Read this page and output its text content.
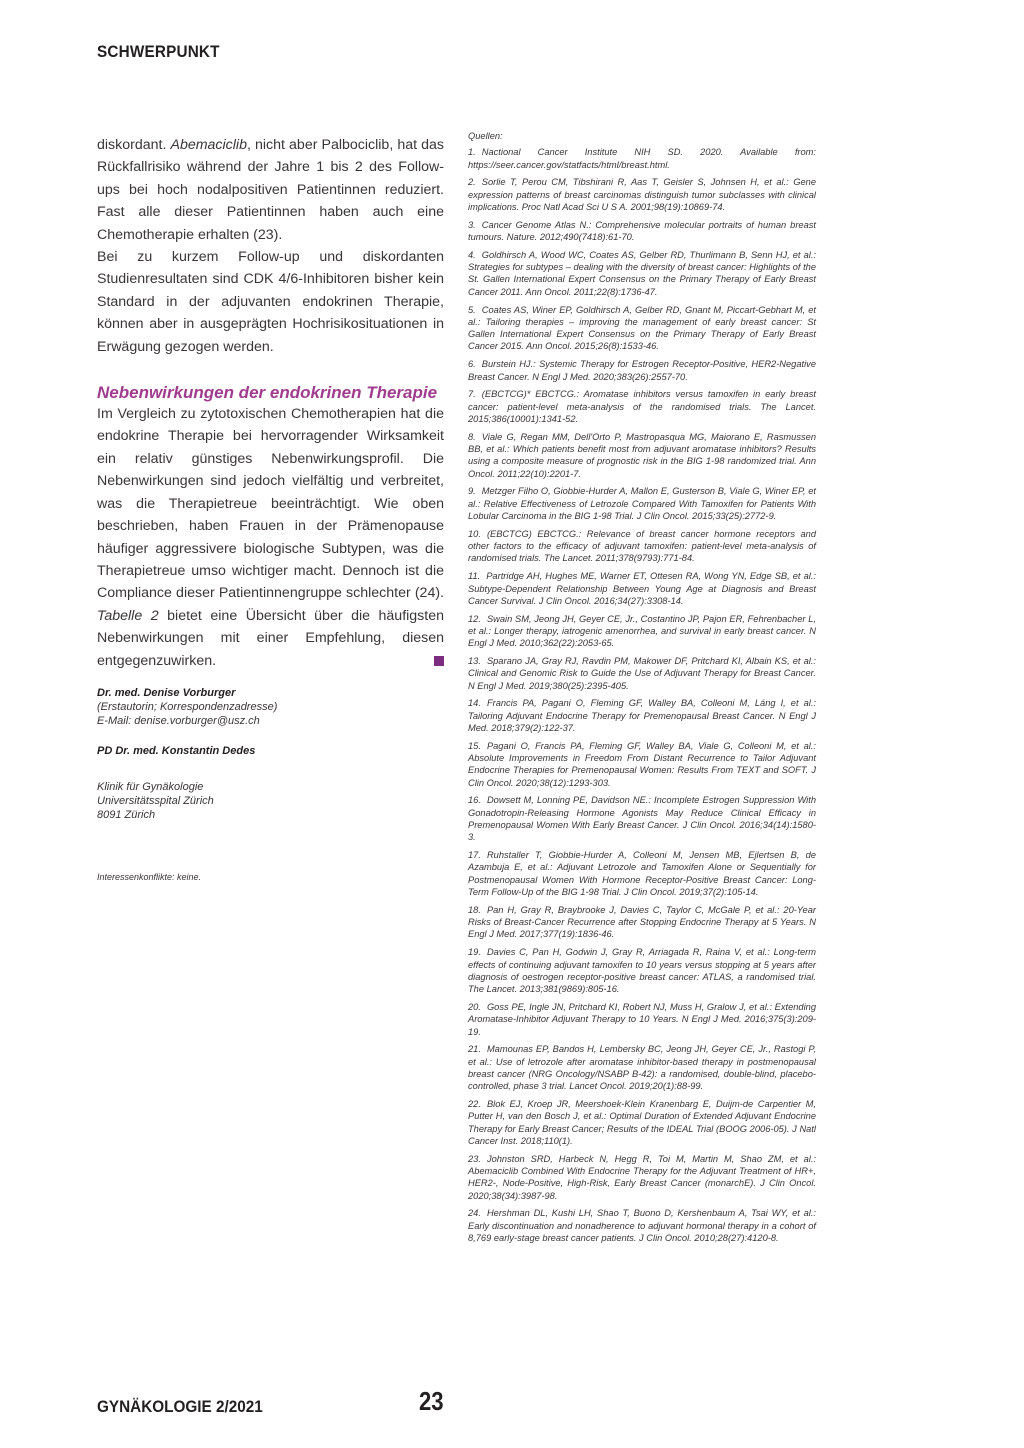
SCHWERPUNKT

diskordant. Abemaciclib, nicht aber Palbociclib, hat das Rückfallrisiko während der Jahre 1 bis 2 des Follow-ups bei hoch nodalpositiven Patientinnen reduziert. Fast alle dieser Patientinnen haben auch eine Chemotherapie erhalten (23).

Bei zu kurzem Follow-up und diskordanten Studienresultaten sind CDK 4/6-Inhibitoren bisher kein Standard in der adjuvanten endokrinen Therapie, können aber in ausgeprägten Hochrisikosituationen in Erwägung gezogen werden.

Nebenwirkungen der endokrinen Therapie

Im Vergleich zu zytotoxischen Chemotherapien hat die endokrine Therapie bei hervorragender Wirksamkeit ein relativ günstiges Nebenwirkungsprofil. Die Nebenwirkungen sind jedoch vielfältig und verbreitet, was die Therapietreue beeinträchtigt. Wie oben beschrieben, haben Frauen in der Prämenopause häufiger aggressivere biologische Subtypen, was die Therapietreue umso wichtiger macht. Dennoch ist die Compliance dieser Patientinnengruppe schlechter (24). Tabelle 2 bietet eine Übersicht über die häufigsten Nebenwirkungen mit einer Empfehlung, diesen entgegenzuwirken.

Dr. med. Denise Vorburger
(Erstautorin; Korrespondenzadresse)
E-Mail: denise.vorburger@usz.ch
PD Dr. med. Konstantin Dedes
Klinik für Gynäkologie
Universitätsspital Zürich
8091 Zürich
Interessenkonflikte: keine.
Quellen:

1. Nactional Cancer Institute NIH SD. 2020. Available from: https://seer.cancer.gov/statfacts/html/breast.html.

2. Sorlie T, Perou CM, Tibshirani R, Aas T, Geisler S, Johnsen H, et al.: Gene expression patterns of breast carcinomas distinguish tumor subclasses with clinical implications. Proc Natl Acad Sci U S A. 2001;98(19):10869-74.

3. Cancer Genome Atlas N.: Comprehensive molecular portraits of human breast tumours. Nature. 2012;490(7418):61-70.

4. Goldhirsch A, Wood WC, Coates AS, Gelber RD, Thurlimann B, Senn HJ, et al.: Strategies for subtypes – dealing with the diversity of breast cancer: Highlights of the St. Gallen International Expert Consensus on the Primary Therapy of Early Breast Cancer 2011. Ann Oncol. 2011;22(8):1736-47.

5. Coates AS, Winer EP, Goldhirsch A, Gelber RD, Gnant M, Piccart-Gebhart M, et al.: Tailoring therapies – improving the management of early breast cancer: St Gallen International Expert Consensus on the Primary Therapy of Early Breast Cancer 2015. Ann Oncol. 2015;26(8):1533-46.

6. Burstein HJ.: Systemic Therapy for Estrogen Receptor-Positive, HER2-Negative Breast Cancer. N Engl J Med. 2020;383(26):2557-70.

7. (EBCTCG)* EBCTCG.: Aromatase inhibitors versus tamoxifen in early breast cancer: patient-level meta-analysis of the randomised trials. The Lancet. 2015;386(10001):1341-52.

8. Viale G, Regan MM, Dell'Orto P, Mastropasqua MG, Maiorano E, Rasmussen BB, et al.: Which patients benefit most from adjuvant aromatase inhibitors? Results using a composite measure of prognostic risk in the BIG 1-98 randomized trial. Ann Oncol. 2011;22(10):2201-7.

9. Metzger Filho O, Giobbie-Hurder A, Mallon E, Gusterson B, Viale G, Winer EP, et al.: Relative Effectiveness of Letrozole Compared With Tamoxifen for Patients With Lobular Carcinoma in the BIG 1-98 Trial. J Clin Oncol. 2015;33(25):2772-9.

10. (EBCTCG) EBCTCG.: Relevance of breast cancer hormone receptors and other factors to the efficacy of adjuvant tamoxifen: patient-level meta-analysis of randomised trials. The Lancet. 2011;378(9793):771-84.

11. Partridge AH, Hughes ME, Warner ET, Ottesen RA, Wong YN, Edge SB, et al.: Subtype-Dependent Relationship Between Young Age at Diagnosis and Breast Cancer Survival. J Clin Oncol. 2016;34(27):3308-14.

12. Swain SM, Jeong JH, Geyer CE, Jr., Costantino JP, Pajon ER, Fehrenbacher L, et al.: Longer therapy, iatrogenic amenorrhea, and survival in early breast cancer. N Engl J Med. 2010;362(22):2053-65.

13. Sparano JA, Gray RJ, Ravdin PM, Makower DF, Pritchard KI, Albain KS, et al.: Clinical and Genomic Risk to Guide the Use of Adjuvant Therapy for Breast Cancer. N Engl J Med. 2019;380(25):2395-405.

14. Francis PA, Pagani O, Fleming GF, Walley BA, Colleoni M, Láng I, et al.: Tailoring Adjuvant Endocrine Therapy for Premenopausal Breast Cancer. N Engl J Med. 2018;379(2):122-37.

15. Pagani O, Francis PA, Fleming GF, Walley BA, Viale G, Colleoni M, et al.: Absolute Improvements in Freedom From Distant Recurrence to Tailor Adjuvant Endocrine Therapies for Premenopausal Women: Results From TEXT and SOFT. J Clin Oncol. 2020;38(12):1293-303.

16. Dowsett M, Lonning PE, Davidson NE.: Incomplete Estrogen Suppression With Gonadotropin-Releasing Hormone Agonists May Reduce Clinical Efficacy in Premenopausal Women With Early Breast Cancer. J Clin Oncol. 2016;34(14):1580-3.

17. Ruhstaller T, Giobbie-Hurder A, Colleoni M, Jensen MB, Ejlertsen B, de Azambuja E, et al.: Adjuvant Letrozole and Tamoxifen Alone or Sequentially for Postmenopausal Women With Hormone Receptor-Positive Breast Cancer: Long-Term Follow-Up of the BIG 1-98 Trial. J Clin Oncol. 2019;37(2):105-14.

18. Pan H, Gray R, Braybrooke J, Davies C, Taylor C, McGale P, et al.: 20-Year Risks of Breast-Cancer Recurrence after Stopping Endocrine Therapy at 5 Years. N Engl J Med. 2017;377(19):1836-46.

19. Davies C, Pan H, Godwin J, Gray R, Arriagada R, Raina V, et al.: Long-term effects of continuing adjuvant tamoxifen to 10 years versus stopping at 5 years after diagnosis of oestrogen receptor-positive breast cancer: ATLAS, a randomised trial. The Lancet. 2013;381(9869):805-16.

20. Goss PE, Ingle JN, Pritchard KI, Robert NJ, Muss H, Gralow J, et al.: Extending Aromatase-Inhibitor Adjuvant Therapy to 10 Years. N Engl J Med. 2016;375(3):209-19.

21. Mamounas EP, Bandos H, Lembersky BC, Jeong JH, Geyer CE, Jr., Rastogi P, et al.: Use of letrozole after aromatase inhibitor-based therapy in postmenopausal breast cancer (NRG Oncology/NSABP B-42): a randomised, double-blind, placebo-controlled, phase 3 trial. Lancet Oncol. 2019;20(1):88-99.

22. Blok EJ, Kroep JR, Meershoek-Klein Kranenbarg E, Duijm-de Carpentier M, Putter H, van den Bosch J, et al.: Optimal Duration of Extended Adjuvant Endocrine Therapy for Early Breast Cancer; Results of the IDEAL Trial (BOOG 2006-05). J Natl Cancer Inst. 2018;110(1).

23. Johnston SRD, Harbeck N, Hegg R, Toi M, Martin M, Shao ZM, et al.: Abemaciclib Combined With Endocrine Therapy for the Adjuvant Treatment of HR+, HER2-, Node-Positive, High-Risk, Early Breast Cancer (monarchE). J Clin Oncol. 2020;38(34):3987-98.

24. Hershman DL, Kushi LH, Shao T, Buono D, Kershenbaum A, Tsai WY, et al.: Early discontinuation and nonadherence to adjuvant hormonal therapy in a cohort of 8,769 early-stage breast cancer patients. J Clin Oncol. 2010;28(27):4120-8.

GYNÄKOLOGIE 2/2021	23
